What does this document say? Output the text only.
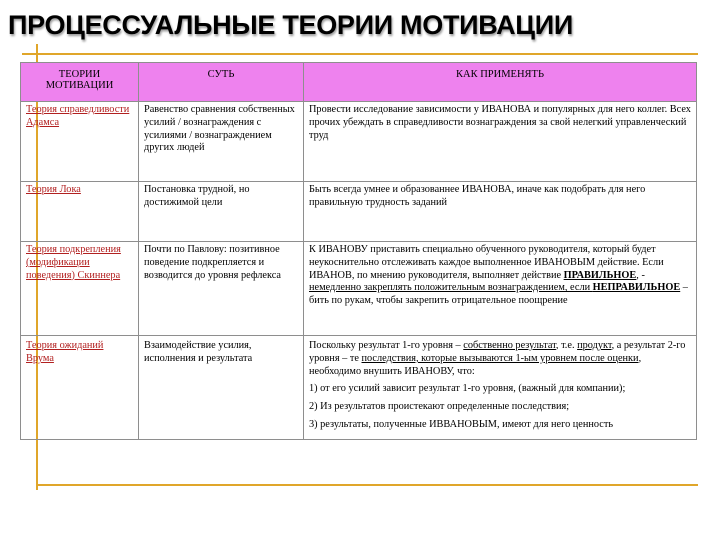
ПРОЦЕССУАЛЬНЫЕ ТЕОРИИ МОТИВАЦИИ
ТЕОРИИ МОТИВАЦИИ	СУТЬ	КАК ПРИМЕНЯТЬ
Теория справедливости Адамса	Равенство сравнения собственных усилий / вознаграждения с усилиями / вознаграждением других людей	Провести исследование зависимости у ИВАНОВА и популярных для него коллег. Всех прочих убеждать в справедливости вознаграждения за свой нелегкий управленческий труд
Теория Лока	Постановка трудной, но достижимой цели	Быть всегда умнее и образованнее ИВАНОВА, иначе как подобрать для него правильную трудность заданий
Теория подкрепления (модификации поведения) Скиннера	Почти по Павлову: позитивное поведение подкрепляется и возводится до уровня рефлекса	К ИВАНОВУ приставить специально обученного руководителя, который будет неукоснительно отслеживать каждое выполненное ИВАНОВЫМ действие. Если ИВАНОВ, по мнению руководителя, выполняет действие ПРАВИЛЬНОЕ, - немедленно закреплять положительным вознаграждением, если НЕПРАВИЛЬНОЕ – бить по рукам, чтобы закрепить отрицательное поощрение
Теория ожиданий Врума	Взаимодействие усилия, исполнения и результата	Поскольку результат 1-го уровня – собственно результат, т.е. продукт, а результат 2-го уровня – те последствия, которые вызываются 1-ым уровнем после оценки, необходимо внушить ИВАНОВУ, что:
1) от его усилий зависит результат 1-го уровня, (важный для компании);
2) Из результатов проистекают определенные последствия;
3) результаты, полученные ИВВАНОВЫМ, имеют для него ценность
